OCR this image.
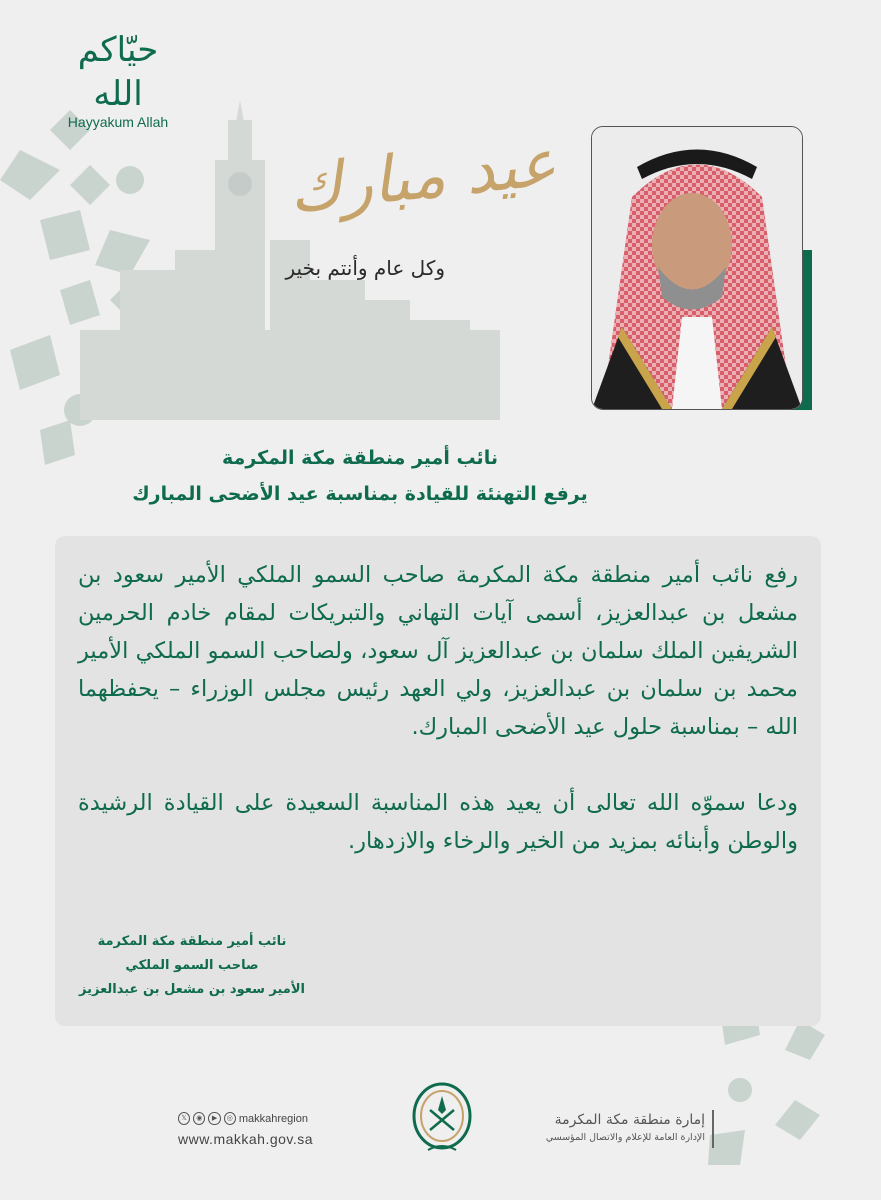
حيّاكم الله
Hayyakum Allah
عيد مبارك
وكل عام وأنتم بخير
نائب أمير منطقة مكة المكرمة
يرفع التهنئة للقيادة بمناسبة عيد الأضحى المبارك

رفع نائب أمير منطقة مكة المكرمة صاحب السمو الملكي الأمير سعود بن مشعل بن عبدالعزيز، أسمى آيات التهاني والتبريكات لمقام خادم الحرمين الشريفين الملك سلمان بن عبدالعزيز آل سعود، ولصاحب السمو الملكي الأمير محمد بن سلمان بن عبدالعزيز، ولي العهد رئيس مجلس الوزراء – يحفظهما الله – بمناسبة حلول عيد الأضحى المبارك.

ودعا سموّه الله تعالى أن يعيد هذه المناسبة السعيدة على القيادة الرشيدة والوطن وأبنائه بمزيد من الخير والرخاء والازدهار.

نائب أمير منطقة مكة المكرمة
صاحب السمو الملكي
الأمير سعود بن مشعل بن عبدالعزيز
𝕏	◉	▶	◎ makkahregion
www.makkah.gov.sa
إمارة منطقة مكة المكرمة
الإدارة العامة للإعلام والاتصال المؤسسي
